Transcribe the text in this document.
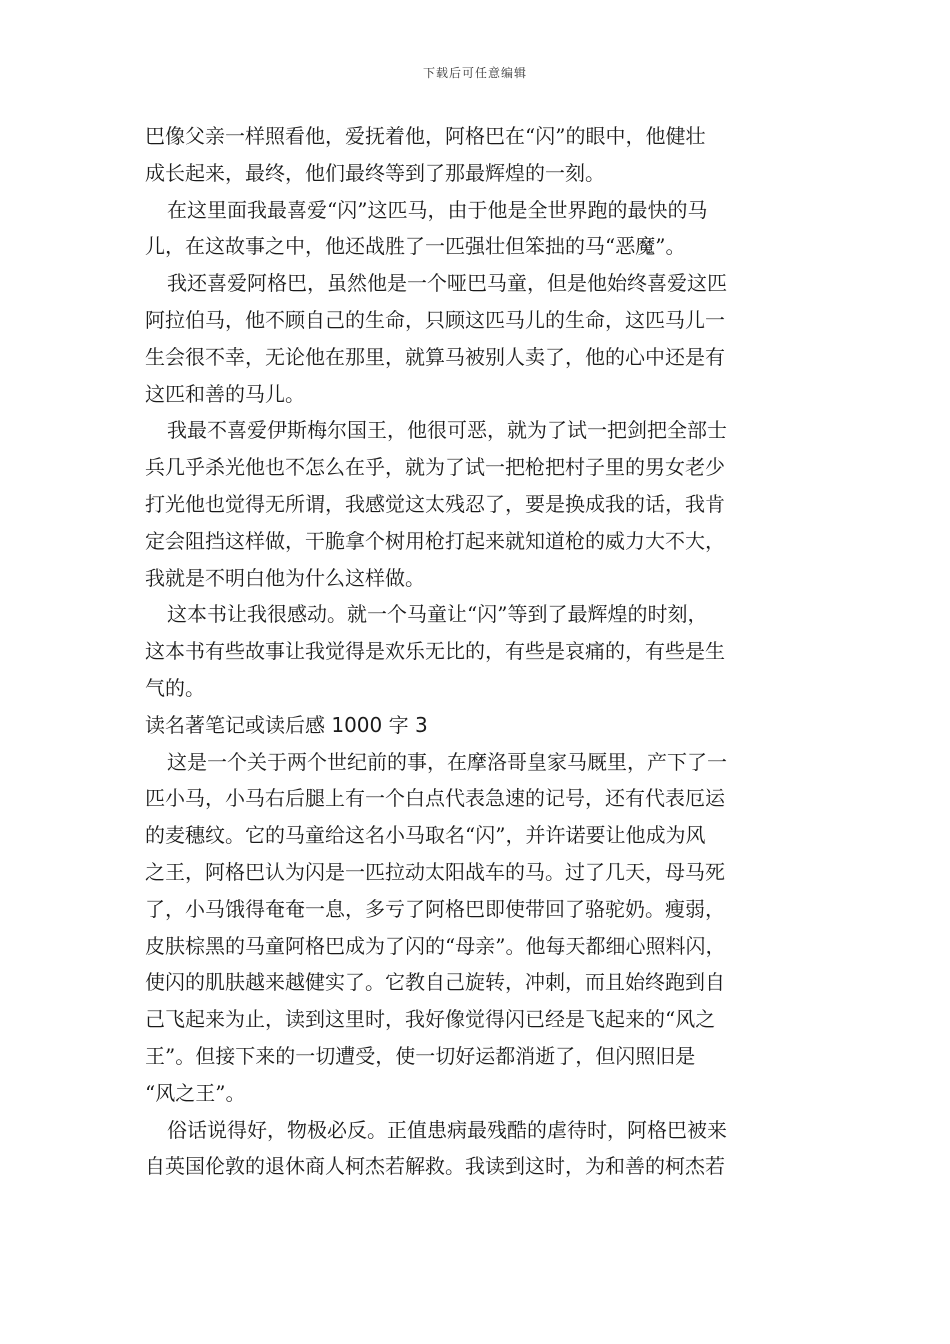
下载后可任意编辑
巴像父亲一样照看他，爱抚着他，阿格巴在“闪”的眼中，他健壮
成长起来，最终，他们最终等到了那最辉煌的一刻。
在这里面我最喜爱“闪”这匹马，由于他是全世界跑的最快的马
儿，在这故事之中，他还战胜了一匹强壮但笨拙的马“恶魔”。
我还喜爱阿格巴，虽然他是一个哑巴马童，但是他始终喜爱这匹
阿拉伯马，他不顾自己的生命，只顾这匹马儿的生命，这匹马儿一
生会很不幸，无论他在那里，就算马被别人卖了，他的心中还是有
这匹和善的马儿。
我最不喜爱伊斯梅尔国王，他很可恶，就为了试一把剑把全部士
兵几乎杀光他也不怎么在乎，就为了试一把枪把村子里的男女老少
打光他也觉得无所谓，我感觉这太残忍了，要是换成我的话，我肯
定会阻挡这样做，干脆拿个树用枪打起来就知道枪的威力大不大，
我就是不明白他为什么这样做。
这本书让我很感动。就一个马童让“闪”等到了最辉煌的时刻，
这本书有些故事让我觉得是欢乐无比的，有些是哀痛的，有些是生
气的。
读名著笔记或读后感 1000 字 3
这是一个关于两个世纪前的事，在摩洛哥皇家马厩里，产下了一
匹小马，小马右后腿上有一个白点代表急速的记号，还有代表厄运
的麦穗纹。它的马童给这名小马取名“闪”，并许诺要让他成为风
之王，阿格巴认为闪是一匹拉动太阳战车的马。过了几天，母马死
了，小马饿得奄奄一息，多亏了阿格巴即使带回了骆驼奶。瘦弱，
皮肤棕黑的马童阿格巴成为了闪的“母亲”。他每天都细心照料闪，
使闪的肌肤越来越健实了。它教自己旋转，冲刺，而且始终跑到自
己飞起来为止，读到这里时，我好像觉得闪已经是飞起来的“风之
王”。但接下来的一切遭受，使一切好运都消逝了，但闪照旧是
“风之王”。
俗话说得好，物极必反。正值患病最残酷的虐待时，阿格巴被来
自英国伦敦的退休商人柯杰若解救。我读到这时，为和善的柯杰若
